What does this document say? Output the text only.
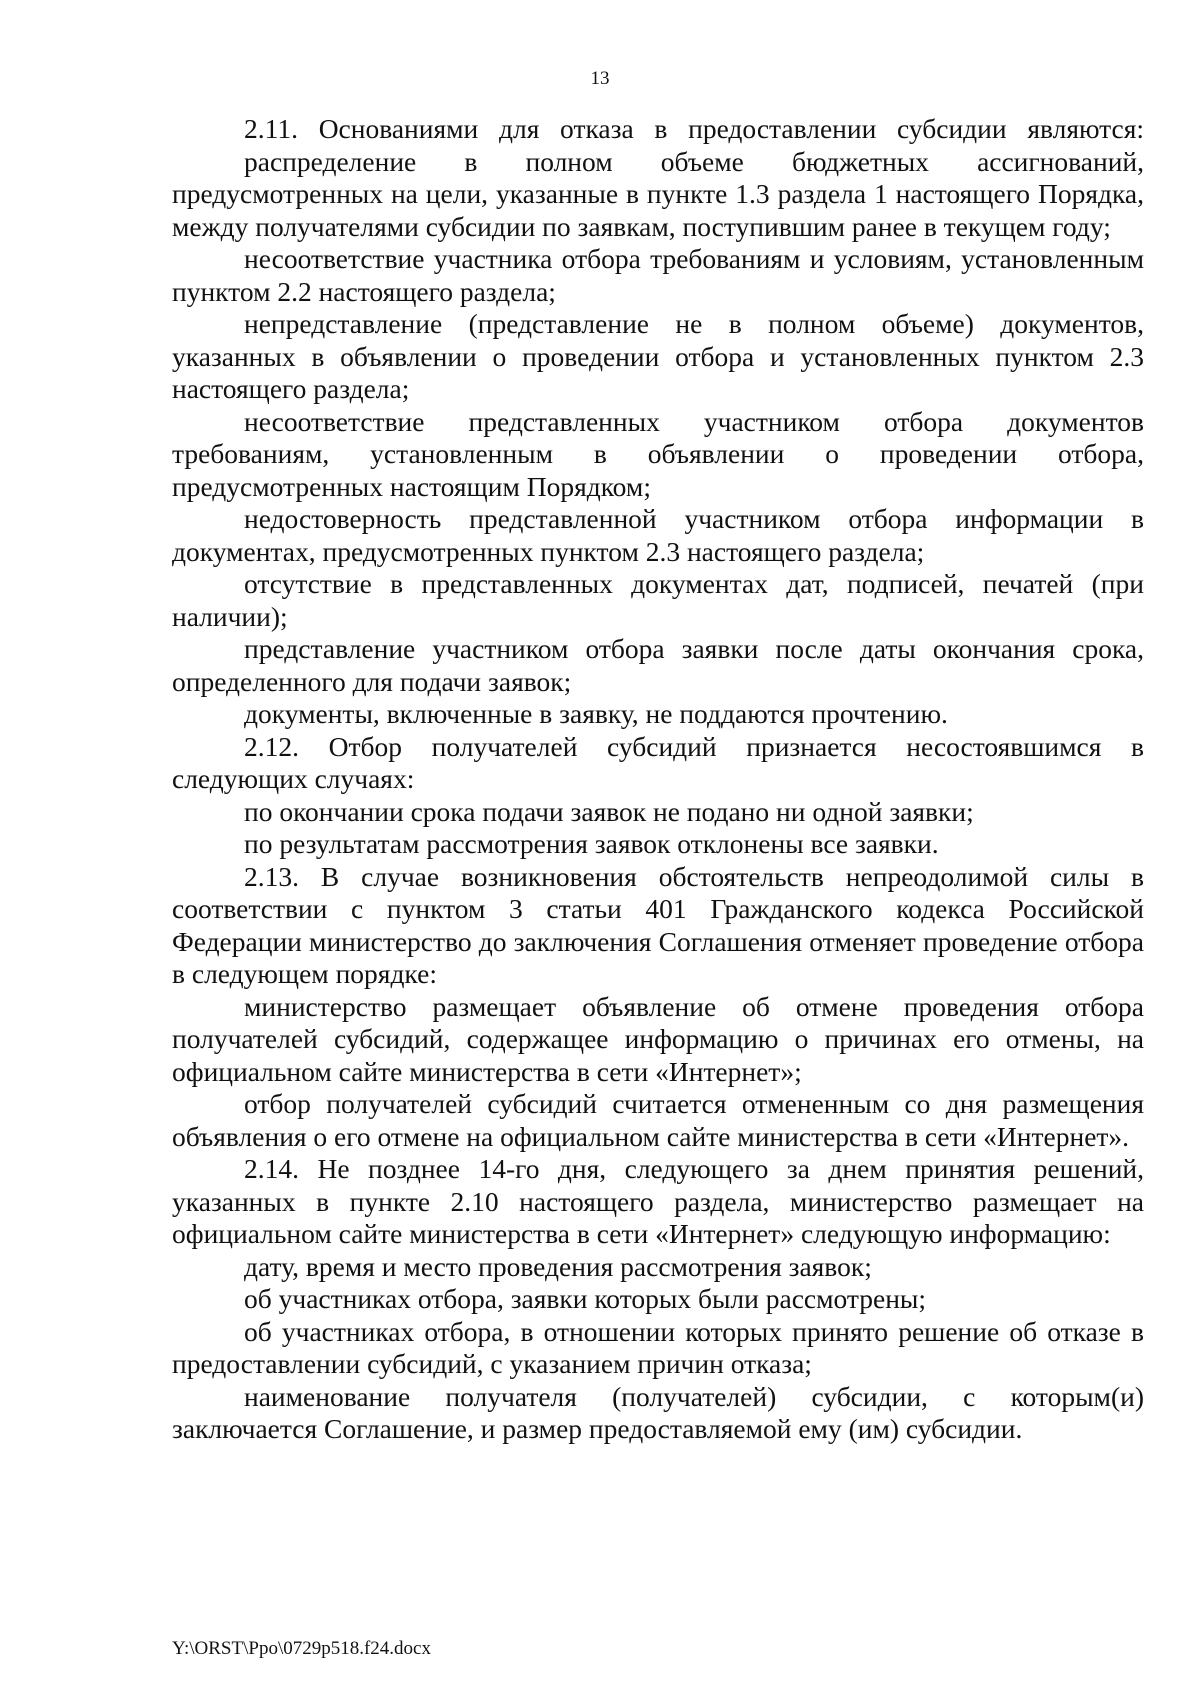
13

2.11. Основаниями для отказа в предоставлении субсидии являются:

распределение в полном объеме бюджетных ассигнований, предусмотренных на цели, указанные в пункте 1.3 раздела 1 настоящего Порядка, между получателями субсидии по заявкам, поступившим ранее в текущем году;

несоответствие участника отбора требованиям и условиям, установленным пунктом 2.2 настоящего раздела;

непредставление (представление не в полном объеме) документов, указанных в объявлении о проведении отбора и установленных пунктом 2.3 настоящего раздела;

несоответствие представленных участником отбора документов требованиям, установленным в объявлении о проведении отбора, предусмотренных настоящим Порядком;

недостоверность представленной участником отбора информации в документах, предусмотренных пунктом 2.3 настоящего раздела;

отсутствие в представленных документах дат, подписей, печатей (при наличии);

представление участником отбора заявки после даты окончания срока, определенного для подачи заявок;

документы, включенные в заявку, не поддаются прочтению.

2.12. Отбор получателей субсидий признается несостоявшимся в следующих случаях:

по окончании срока подачи заявок не подано ни одной заявки;

по результатам рассмотрения заявок отклонены все заявки.

2.13. В случае возникновения обстоятельств непреодолимой силы в соответствии с пунктом 3 статьи 401 Гражданского кодекса Российской Федерации министерство до заключения Соглашения отменяет проведение отбора в следующем порядке:

министерство размещает объявление об отмене проведения отбора получателей субсидий, содержащее информацию о причинах его отмены, на официальном сайте министерства в сети «Интернет»;

отбор получателей субсидий считается отмененным со дня размещения объявления о его отмене на официальном сайте министерства в сети «Интернет».

2.14. Не позднее 14-го дня, следующего за днем принятия решений, указанных в пункте 2.10 настоящего раздела, министерство размещает на официальном сайте министерства в сети «Интернет» следующую информацию:

дату, время и место проведения рассмотрения заявок;

об участниках отбора, заявки которых были рассмотрены;

об участниках отбора, в отношении которых принято решение об отказе в предоставлении субсидий, с указанием причин отказа;

наименование получателя (получателей) субсидии, с которым(и) заключается Соглашение, и размер предоставляемой ему (им) субсидии.

Y:\ORST\Ppo\0729p518.f24.docx
